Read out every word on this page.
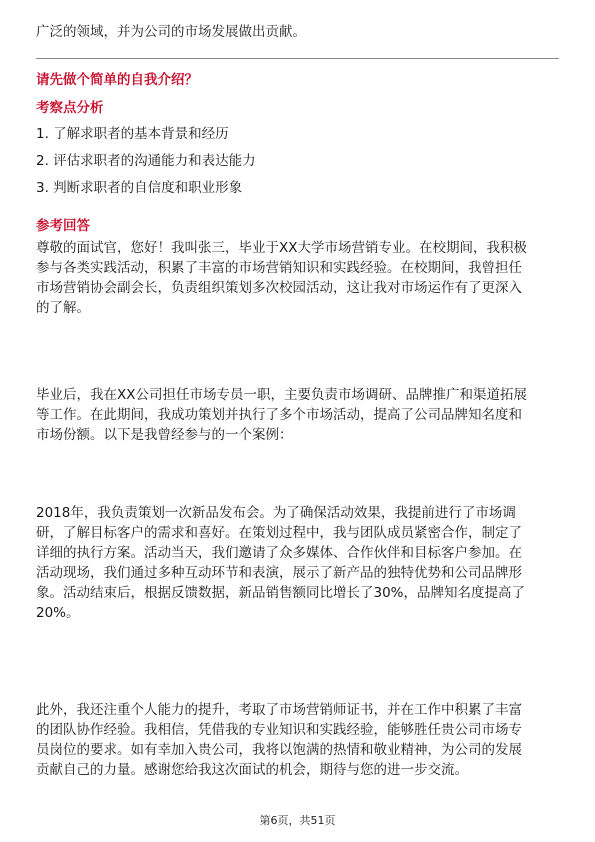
广泛的领域，并为公司的市场发展做出贡献。
请先做个简单的自我介绍？
考察点分析
1. 了解求职者的基本背景和经历
2. 评估求职者的沟通能力和表达能力
3. 判断求职者的自信度和职业形象
参考回答
尊敬的面试官，您好！我叫张三，毕业于XX大学市场营销专业。在校期间，我积极
参与各类实践活动，积累了丰富的市场营销知识和实践经验。在校期间，我曾担任
市场营销协会副会长，负责组织策划多次校园活动，这让我对市场运作有了更深入
的了解。
毕业后，我在XX公司担任市场专员一职，主要负责市场调研、品牌推广和渠道拓展
等工作。在此期间，我成功策划并执行了多个市场活动，提高了公司品牌知名度和
市场份额。以下是我曾经参与的一个案例：
2018年，我负责策划一次新品发布会。为了确保活动效果，我提前进行了市场调
研，了解目标客户的需求和喜好。在策划过程中，我与团队成员紧密合作，制定了
详细的执行方案。活动当天，我们邀请了众多媒体、合作伙伴和目标客户参加。在
活动现场，我们通过多种互动环节和表演，展示了新产品的独特优势和公司品牌形
象。活动结束后，根据反馈数据，新品销售额同比增长了30%，品牌知名度提高了
20%。
此外，我还注重个人能力的提升，考取了市场营销师证书，并在工作中积累了丰富
的团队协作经验。我相信，凭借我的专业知识和实践经验，能够胜任贵公司市场专
员岗位的要求。如有幸加入贵公司，我将以饱满的热情和敬业精神，为公司的发展
贡献自己的力量。感谢您给我这次面试的机会，期待与您的进一步交流。
第6页，共51页
